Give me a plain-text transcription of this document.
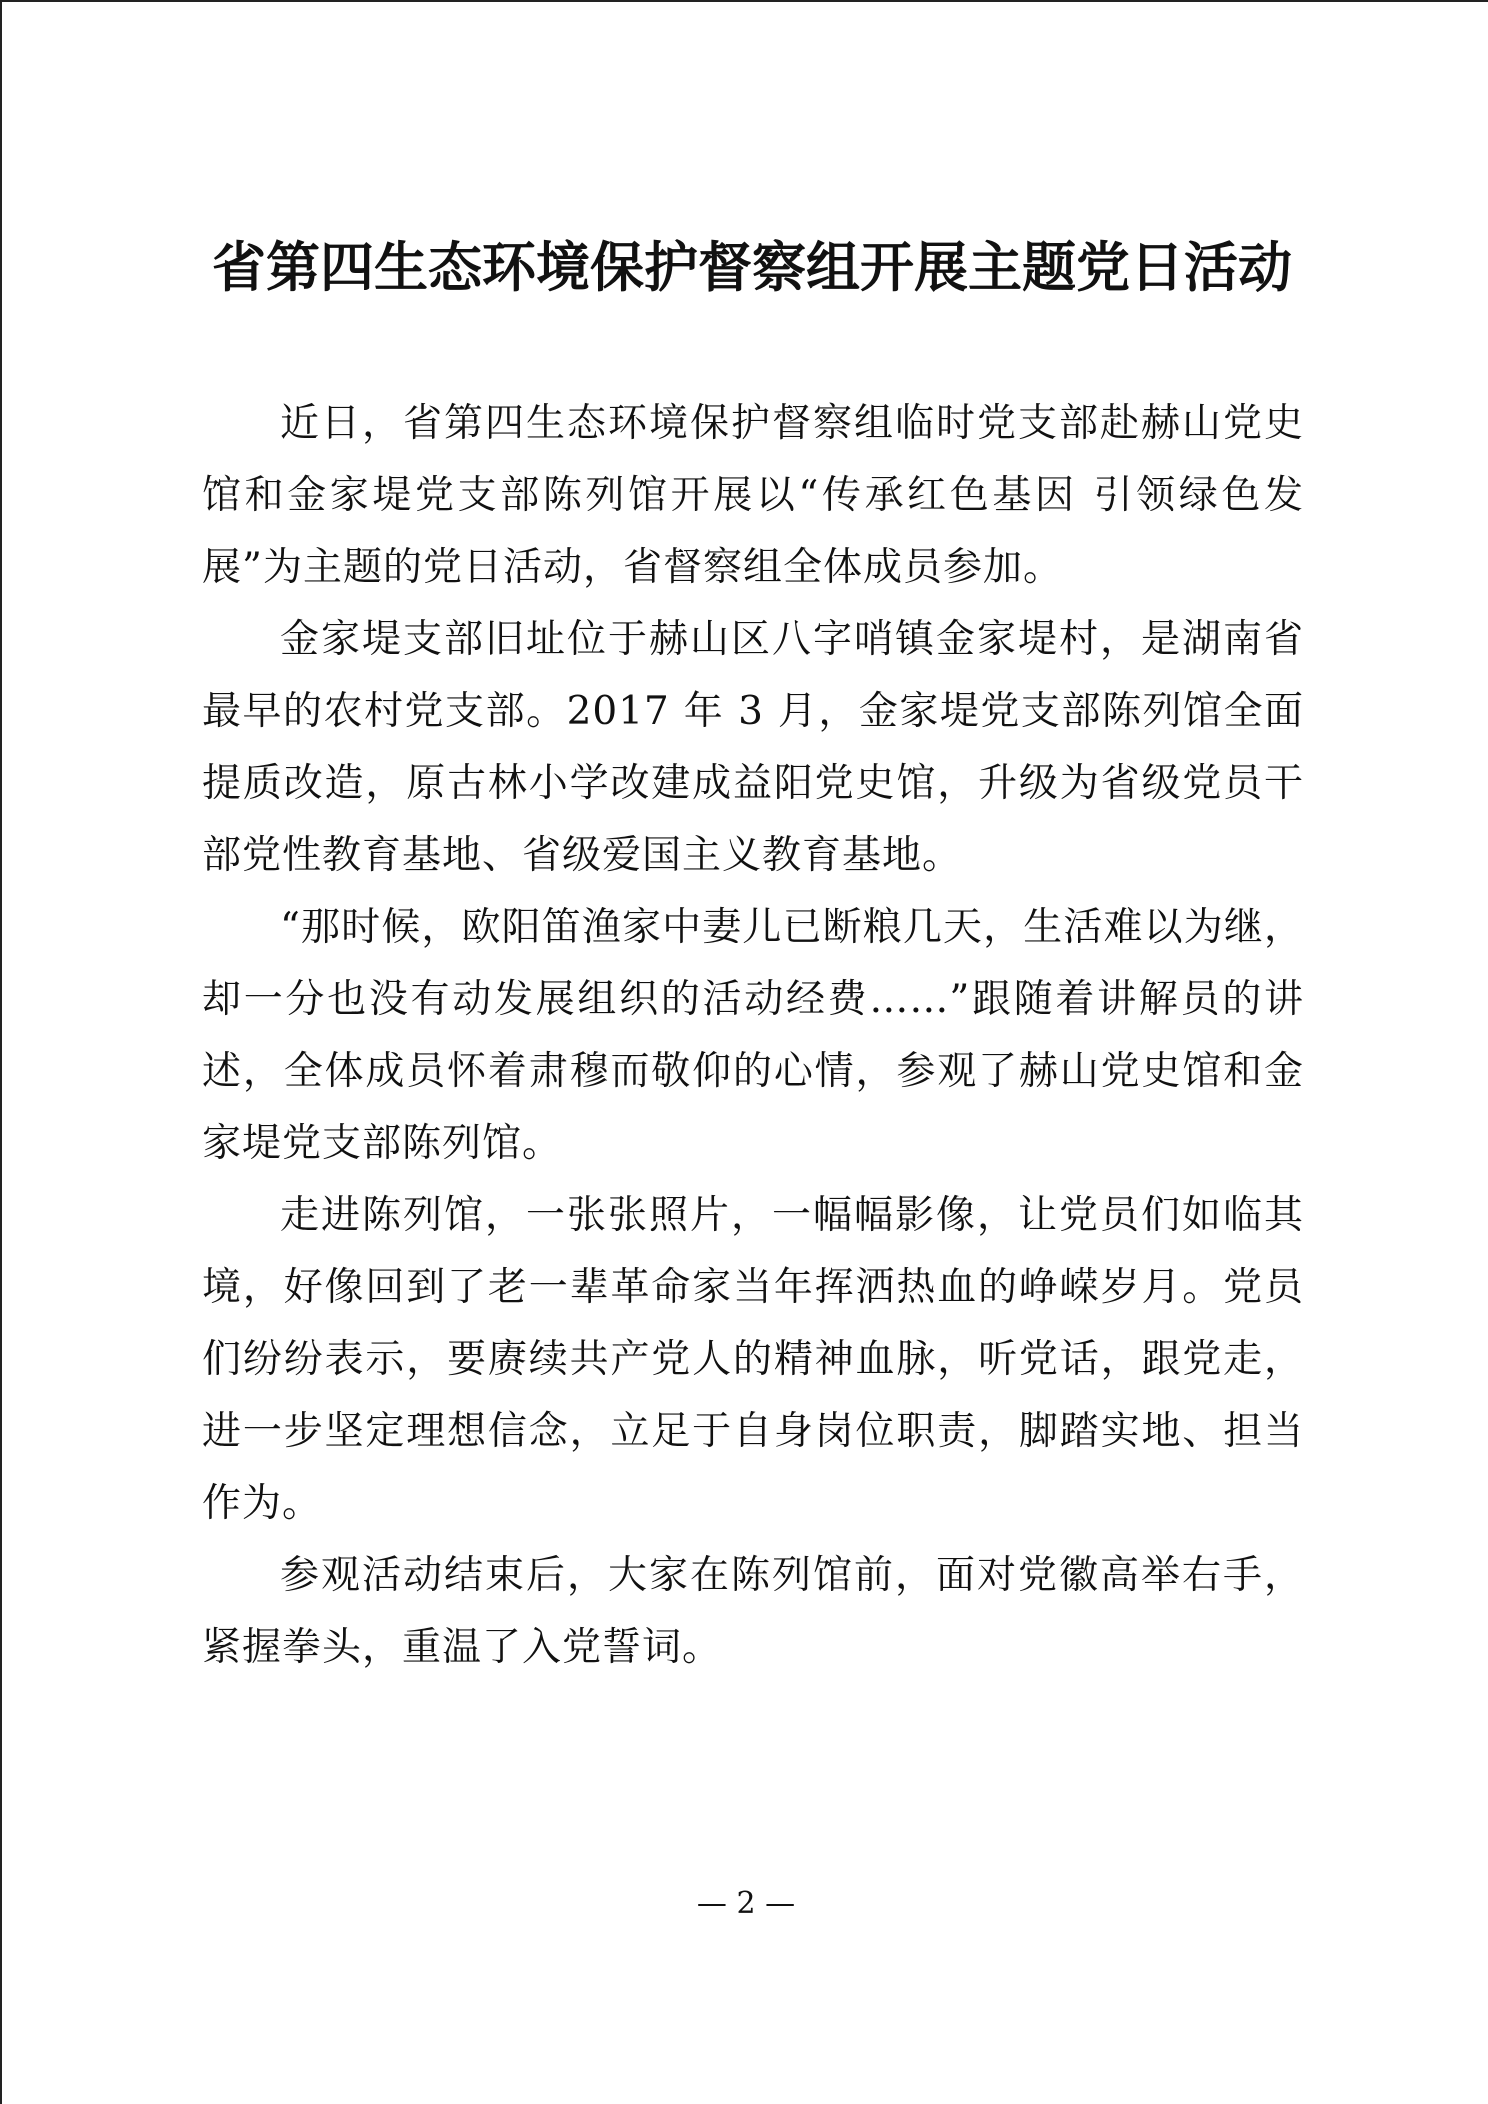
省第四生态环境保护督察组开展主题党日活动

近日，省第四生态环境保护督察组临时党支部赴赫山党史馆和金家堤党支部陈列馆开展以“传承红色基因 引领绿色发展”为主题的党日活动，省督察组全体成员参加。

金家堤支部旧址位于赫山区八字哨镇金家堤村，是湖南省最早的农村党支部。2017 年 3 月，金家堤党支部陈列馆全面提质改造，原古林小学改建成益阳党史馆，升级为省级党员干部党性教育基地、省级爱国主义教育基地。

“那时候，欧阳笛渔家中妻儿已断粮几天，生活难以为继，却一分也没有动发展组织的活动经费……”跟随着讲解员的讲述，全体成员怀着肃穆而敬仰的心情，参观了赫山党史馆和金家堤党支部陈列馆。

走进陈列馆，一张张照片，一幅幅影像，让党员们如临其境，好像回到了老一辈革命家当年挥洒热血的峥嵘岁月。党员们纷纷表示，要赓续共产党人的精神血脉，听党话，跟党走，进一步坚定理想信念，立足于自身岗位职责，脚踏实地、担当作为。

参观活动结束后，大家在陈列馆前，面对党徽高举右手，紧握拳头，重温了入党誓词。

— 2 —
